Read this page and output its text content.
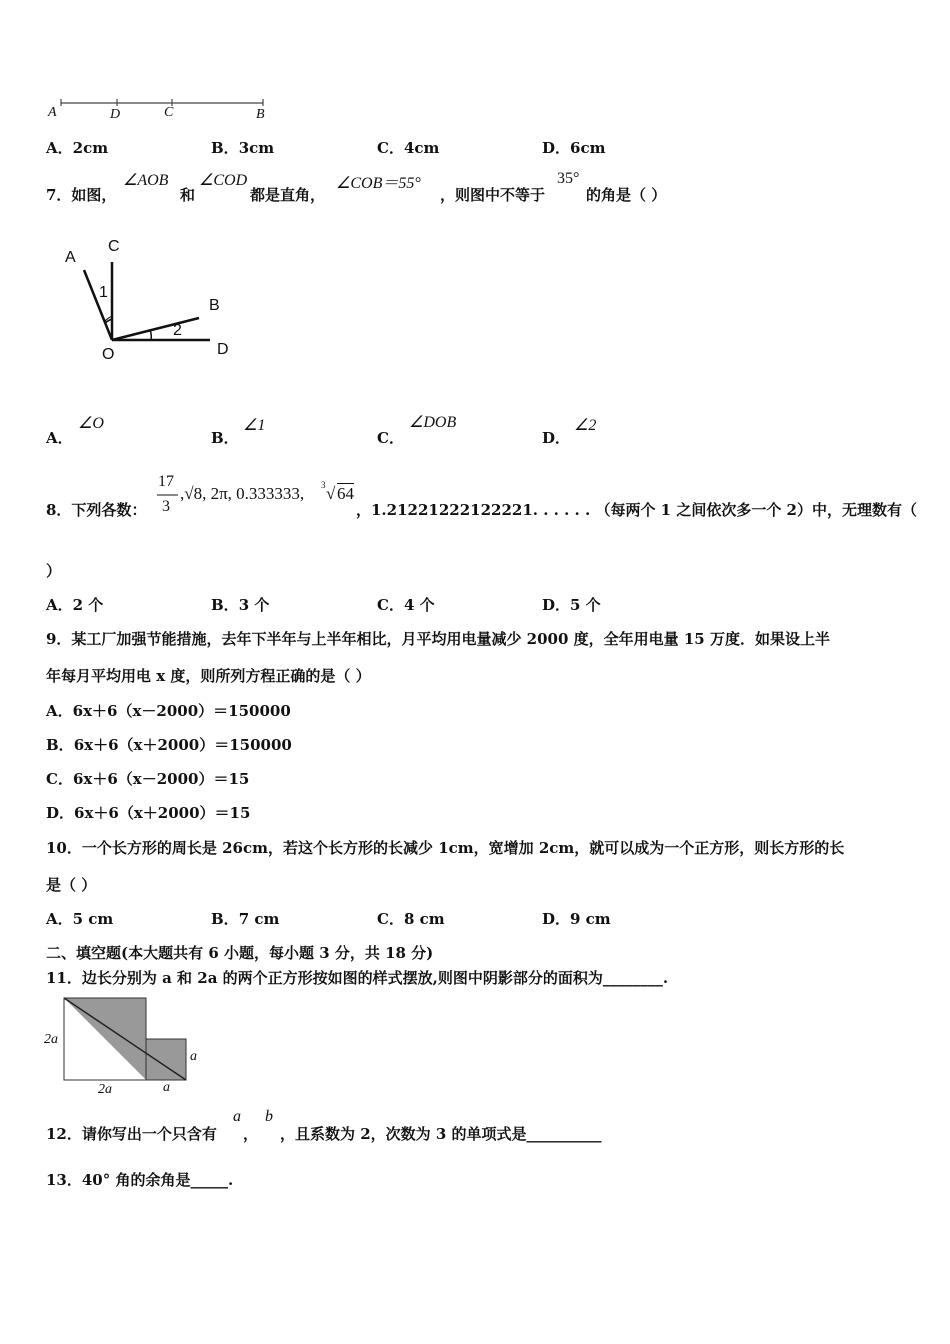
A	D	C	B
A．2cm	B．3cm	C．4cm	D．6cm
7．如图，
∠AOB
和
∠COD
都是直角，
∠COB＝55°
，则图中不等于
35°
的角是（ ）
A
C
B
O	D
1
2
A．
∠O
B．
∠1
C．
∠DOB
D．
∠2
8．下列各数：
17
3
,√8, 2π, 0.333333, 3 √ 64
，1.21221222122221. . . . . . （每两个 1 之间依次多一个 2）中，无理数有（
）
A．2 个	B．3 个	C．4 个	D．5 个
9．某工厂加强节能措施，去年下半年与上半年相比，月平均用电量减少 2000 度，全年用电量 15 万度．如果设上半
年每月平均用电 x 度，则所列方程正确的是（ ）
A．6x＋6（x－2000）＝150000
B．6x＋6（x＋2000）＝150000
C．6x＋6（x－2000）＝15
D．6x＋6（x＋2000）＝15
10．一个长方形的周长是 26cm，若这个长方形的长减少 1cm，宽增加 2cm，就可以成为一个正方形，则长方形的长
是（ ）
A．5 cm	B．7 cm	C．8 cm	D．9 cm
二、填空题(本大题共有 6 小题，每小题 3 分，共 18 分)
11．边长分别为 a 和 2a 的两个正方形按如图的样式摆放,则图中阴影部分的面积为________.
2a
2a	a
a
12．请你写出一个只含有
a
，
b
，且系数为 2，次数为 3 的单项式是__________
13．40° 角的余角是_____.
